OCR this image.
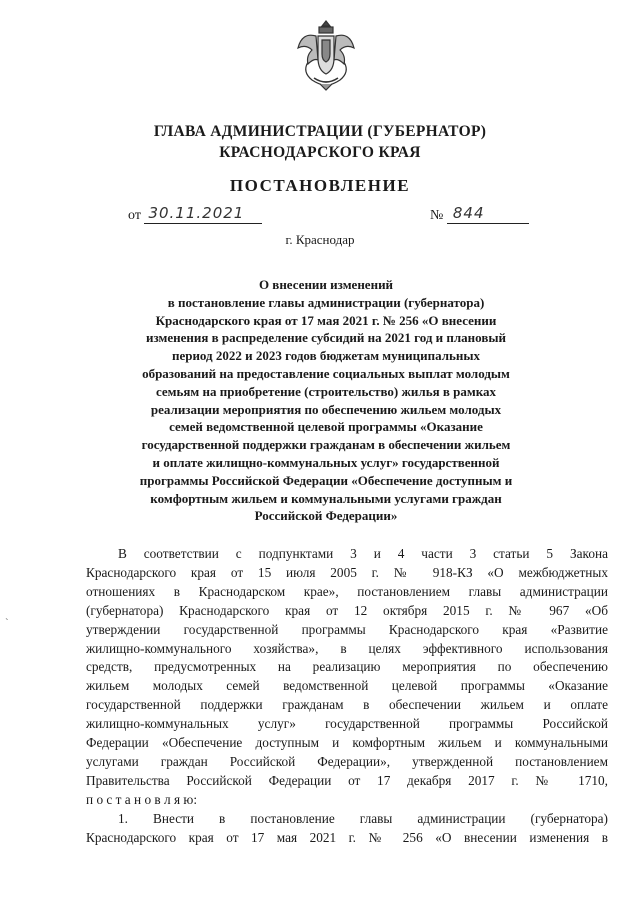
ГЛАВА АДМИНИСТРАЦИИ (ГУБЕРНАТОР)
КРАСНОДАРСКОГО КРАЯ
ПОСТАНОВЛЕНИЕ
от 30.11.2021	№ 844
г. Краснодар
О внесении изменений
в постановление главы администрации (губернатора)
Краснодарского края от 17 мая 2021 г. № 256 «О внесении
изменения в распределение субсидий на 2021 год и плановый
период 2022 и 2023 годов бюджетам муниципальных
образований на предоставление социальных выплат молодым
семьям на приобретение (строительство) жилья в рамках
реализации мероприятия по обеспечению жильем молодых
семей ведомственной целевой программы «Оказание
государственной поддержки гражданам в обеспечении жильем
и оплате жилищно-коммунальных услуг» государственной
программы Российской Федерации «Обеспечение доступным и
комфортным жильем и коммунальными услугами граждан
Российской Федерации»
В соответствии с подпунктами 3 и 4 части 3 статьи 5 Закона
Краснодарского края от 15 июля 2005 г. № 918-КЗ «О межбюджетных
отношениях в Краснодарском крае», постановлением главы администрации
(губернатора) Краснодарского края от 12 октября 2015 г. № 967 «Об
утверждении государственной программы Краснодарского края «Развитие
жилищно-коммунального хозяйства», в целях эффективного использования
средств, предусмотренных на реализацию мероприятия по обеспечению
жильем молодых семей ведомственной целевой программы «Оказание
государственной поддержки гражданам в обеспечении жильем и оплате
жилищно-коммунальных услуг» государственной программы Российской
Федерации «Обеспечение доступным и комфортным жильем и коммунальными
услугами граждан Российской Федерации», утвержденной постановлением
Правительства Российской Федерации от 17 декабря 2017 г. № 1710,
п о с т а н о в л я ю:
1. Внести в постановление главы администрации (губернатора)
Краснодарского края от 17 мая 2021 г. № 256 «О внесении изменения в
`
